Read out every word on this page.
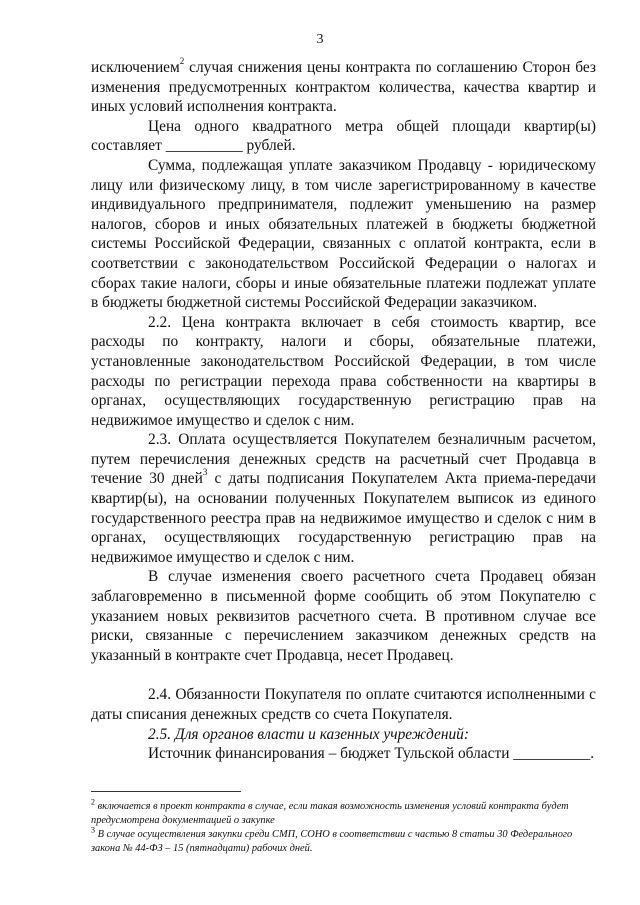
3

исключением$^2$ случая снижения цены контракта по соглашению Сторон без изменения предусмотренных контрактом количества, качества квартир и иных условий исполнения контракта.

Цена одного квадратного метра общей площади квартир(ы) составляет __________ рублей.

Сумма, подлежащая уплате заказчиком Продавцу - юридическому лицу или физическому лицу, в том числе зарегистрированному в качестве индивидуального предпринимателя, подлежит уменьшению на размер налогов, сборов и иных обязательных платежей в бюджеты бюджетной системы Российской Федерации, связанных с оплатой контракта, если в соответствии с законодательством Российской Федерации о налогах и сборах такие налоги, сборы и иные обязательные платежи подлежат уплате в бюджеты бюджетной системы Российской Федерации заказчиком.

2.2. Цена контракта включает в себя стоимость квартир, все расходы по контракту, налоги и сборы, обязательные платежи, установленные законодательством Российской Федерации, в том числе расходы по регистрации перехода права собственности на квартиры в органах, осуществляющих государственную регистрацию прав на недвижимое имущество и сделок с ним.

2.3. Оплата осуществляется Покупателем безналичным расчетом, путем перечисления денежных средств на расчетный счет Продавца в течение 30 дней$^3$ с даты подписания Покупателем Акта приема-передачи квартир(ы), на основании полученных Покупателем выписок из единого государственного реестра прав на недвижимое имущество и сделок с ним в органах, осуществляющих государственную регистрацию прав на недвижимое имущество и сделок с ним.

В случае изменения своего расчетного счета Продавец обязан заблаговременно в письменной форме сообщить об этом Покупателю с указанием новых реквизитов расчетного счета. В противном случае все риски, связанные с перечислением заказчиком денежных средств на указанный в контракте счет Продавца, несет Продавец.

2.4. Обязанности Покупателя по оплате считаются исполненными с даты списания денежных средств со счета Покупателя.

2.5. Для органов власти и казенных учреждений:

Источник финансирования – бюджет Тульской области __________.

$^2$ включается в проект контракта в случае, если такая возможность изменения условий контракта будет предусмотрена документацией о закупке

$^3$ В случае осуществления закупки среди СМП, СОНО в соответствии с частью 8 статьи 30 Федерального закона № 44-ФЗ – 15 (пятнадцати) рабочих дней.
